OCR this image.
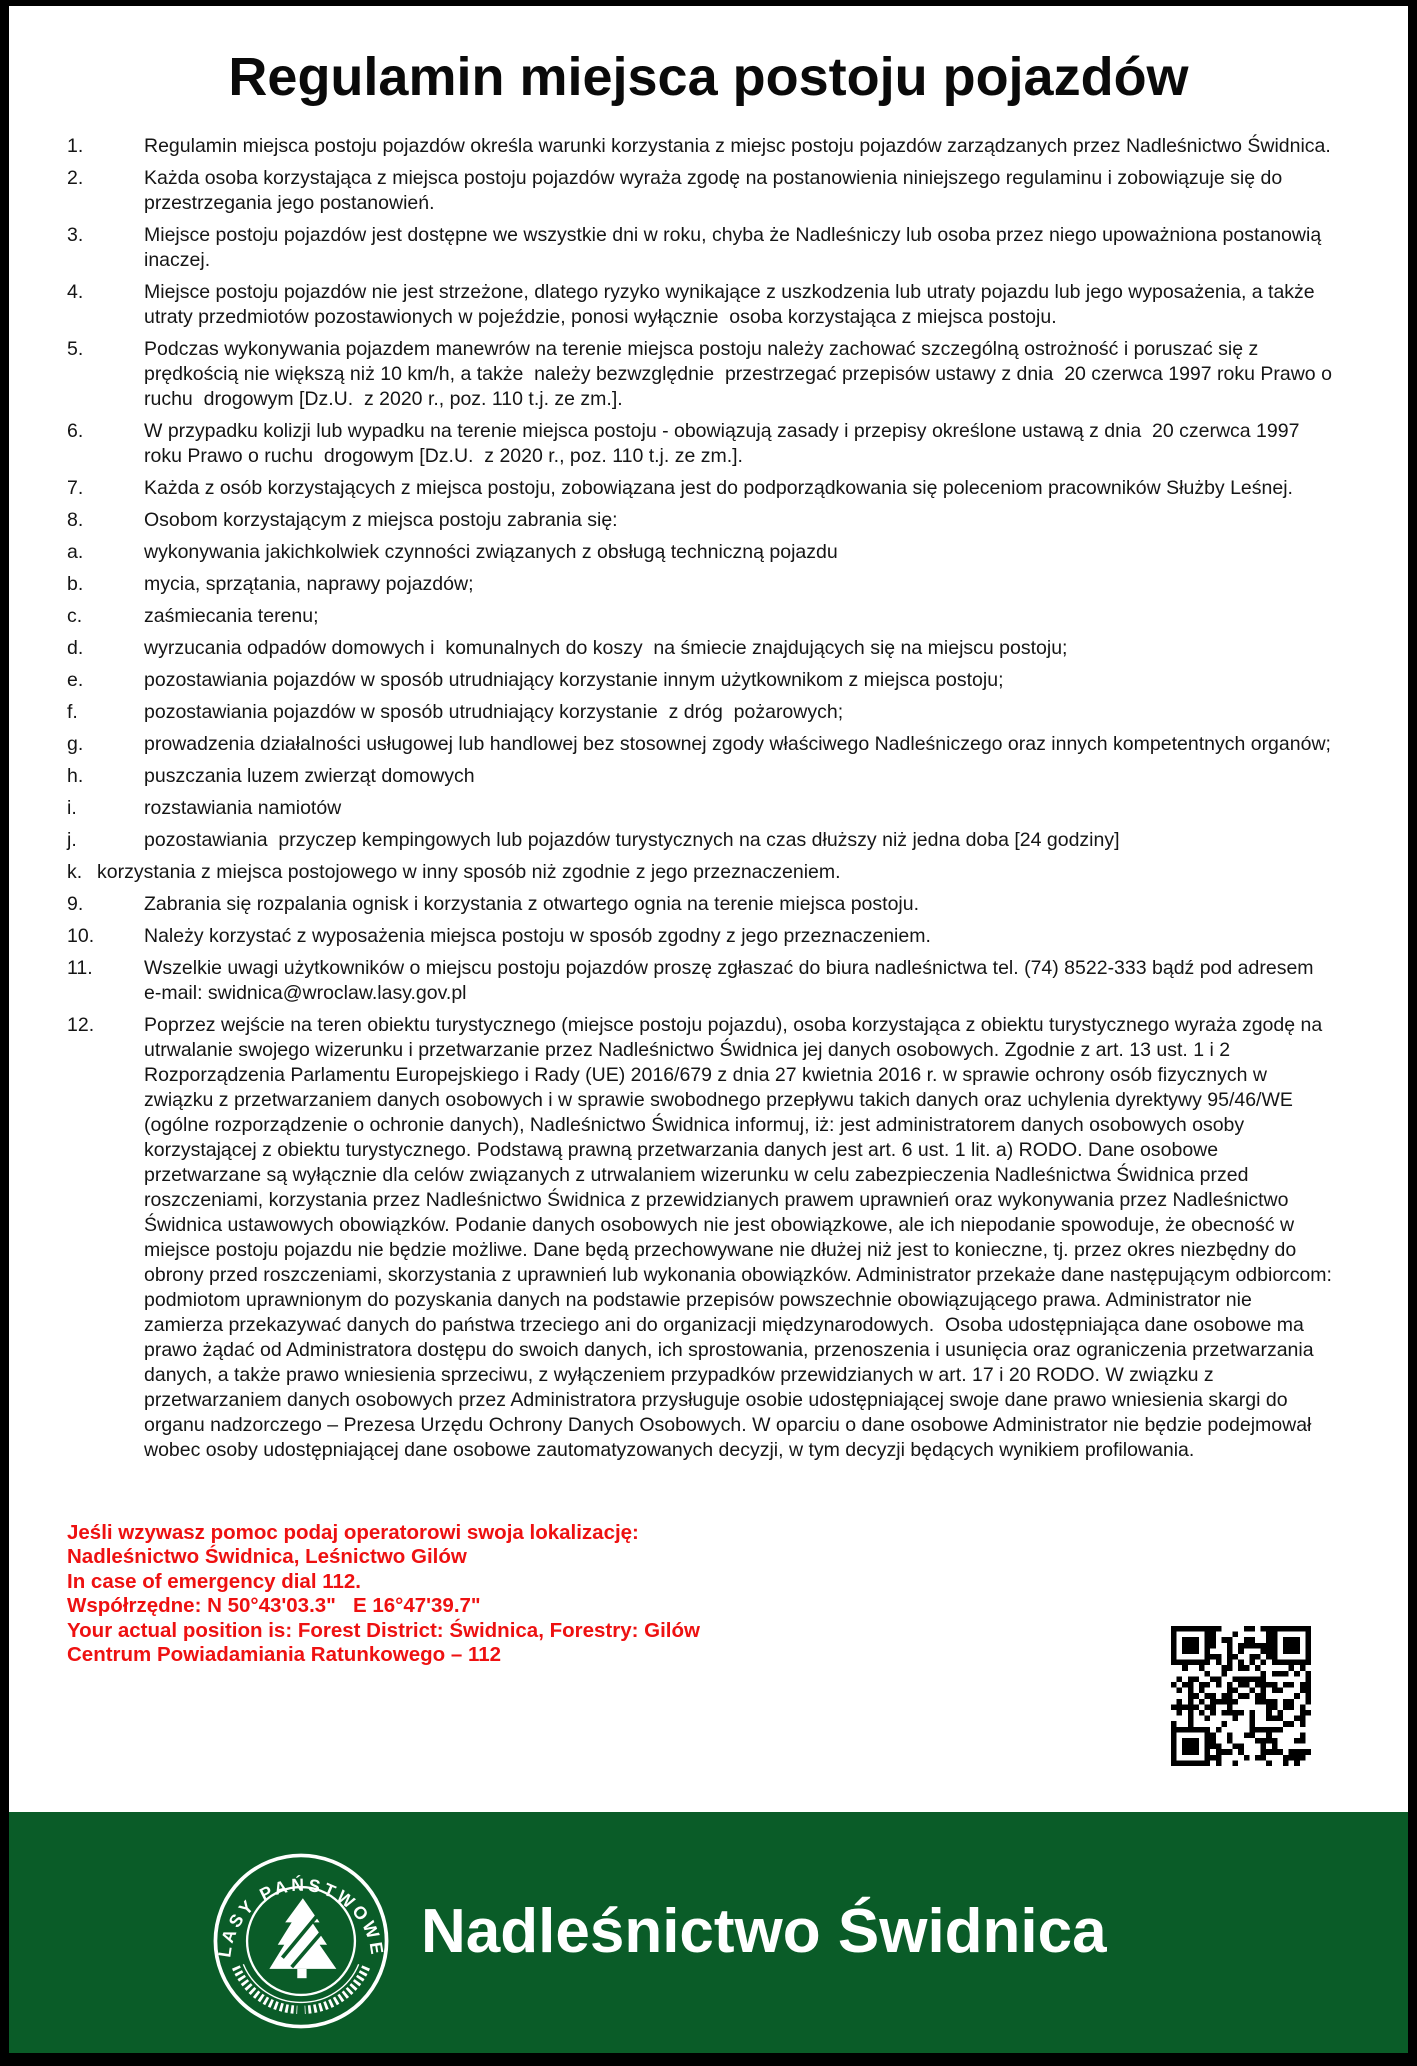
Regulamin miejsca postoju pojazdów
1.	Regulamin miejsca postoju pojazdów określa warunki korzystania z miejsc postoju pojazdów zarządzanych przez Nadleśnictwo Świdnica.
2.	Każda osoba korzystająca z miejsca postoju pojazdów wyraża zgodę na postanowienia niniejszego regulaminu i zobowiązuje się do przestrzegania jego postanowień.
3.	Miejsce postoju pojazdów jest dostępne we wszystkie dni w roku, chyba że Nadleśniczy lub osoba przez niego upoważniona postanowią inaczej.
4.	Miejsce postoju pojazdów nie jest strzeżone, dlatego ryzyko wynikające z uszkodzenia lub utraty pojazdu lub jego wyposażenia, a także utraty przedmiotów pozostawionych w pojeździe, ponosi wyłącznie  osoba korzystająca z miejsca postoju.
5.	Podczas wykonywania pojazdem manewrów na terenie miejsca postoju należy zachować szczególną ostrożność i poruszać się z prędkością nie większą niż 10 km/h, a także  należy bezwzględnie  przestrzegać przepisów ustawy z dnia  20 czerwca 1997 roku Prawo o ruchu  drogowym [Dz.U.  z 2020 r., poz. 110 t.j. ze zm.].
6.	W przypadku kolizji lub wypadku na terenie miejsca postoju - obowiązują zasady i przepisy określone ustawą z dnia  20 czerwca 1997 roku Prawo o ruchu  drogowym [Dz.U.  z 2020 r., poz. 110 t.j. ze zm.].
7.	Każda z osób korzystających z miejsca postoju, zobowiązana jest do podporządkowania się poleceniom pracowników Służby Leśnej.
8.	Osobom korzystającym z miejsca postoju zabrania się:
a.	wykonywania jakichkolwiek czynności związanych z obsługą techniczną pojazdu
b.	mycia, sprzątania, naprawy pojazdów;
c.	zaśmiecania terenu;
d.	wyrzucania odpadów domowych i  komunalnych do koszy  na śmiecie znajdujących się na miejscu postoju;
e.	pozostawiania pojazdów w sposób utrudniający korzystanie innym użytkownikom z miejsca postoju;
f.	pozostawiania pojazdów w sposób utrudniający korzystanie  z dróg  pożarowych;
g.	prowadzenia działalności usługowej lub handlowej bez stosownej zgody właściwego Nadleśniczego oraz innych kompetentnych organów;
h.	puszczania luzem zwierząt domowych
i.	rozstawiania namiotów
j.	pozostawiania  przyczep kempingowych lub pojazdów turystycznych na czas dłuższy niż jedna doba [24 godziny]
k. korzystania z miejsca postojowego w inny sposób niż zgodnie z jego przeznaczeniem.
9.	Zabrania się rozpalania ognisk i korzystania z otwartego ognia na terenie miejsca postoju.
10.	Należy korzystać z wyposażenia miejsca postoju w sposób zgodny z jego przeznaczeniem.
11.	Wszelkie uwagi użytkowników o miejscu postoju pojazdów proszę zgłaszać do biura nadleśnictwa tel. (74) 8522-333 bądź pod adresem e-mail: swidnica@wroclaw.lasy.gov.pl
12.	Poprzez wejście na teren obiektu turystycznego (miejsce postoju pojazdu), osoba korzystająca z obiektu turystycznego wyraża zgodę na utrwalanie swojego wizerunku i przetwarzanie przez Nadleśnictwo Świdnica jej danych osobowych. Zgodnie z art. 13 ust. 1 i 2 Rozporządzenia Parlamentu Europejskiego i Rady (UE) 2016/679 z dnia 27 kwietnia 2016 r. w sprawie ochrony osób fizycznych w związku z przetwarzaniem danych osobowych i w sprawie swobodnego przepływu takich danych oraz uchylenia dyrektywy 95/46/WE (ogólne rozporządzenie o ochronie danych), Nadleśnictwo Świdnica informuj, iż: jest administratorem danych osobowych osoby korzystającej z obiektu turystycznego. Podstawą prawną przetwarzania danych jest art. 6 ust. 1 lit. a) RODO. Dane osobowe przetwarzane są wyłącznie dla celów związanych z utrwalaniem wizerunku w celu zabezpieczenia Nadleśnictwa Świdnica przed roszczeniami, korzystania przez Nadleśnictwo Świdnica z przewidzianych prawem uprawnień oraz wykonywania przez Nadleśnictwo Świdnica ustawowych obowiązków. Podanie danych osobowych nie jest obowiązkowe, ale ich niepodanie spowoduje, że obecność w miejsce postoju pojazdu nie będzie możliwe. Dane będą przechowywane nie dłużej niż jest to konieczne, tj. przez okres niezbędny do obrony przed roszczeniami, skorzystania z uprawnień lub wykonania obowiązków. Administrator przekaże dane następującym odbiorcom: podmiotom uprawnionym do pozyskania danych na podstawie przepisów powszechnie obowiązującego prawa. Administrator nie zamierza przekazywać danych do państwa trzeciego ani do organizacji międzynarodowych.  Osoba udostępniająca dane osobowe ma prawo żądać od Administratora dostępu do swoich danych, ich sprostowania, przenoszenia i usunięcia oraz ograniczenia przetwarzania danych, a także prawo wniesienia sprzeciwu, z wyłączeniem przypadków przewidzianych w art. 17 i 20 RODO. W związku z przetwarzaniem danych osobowych przez Administratora przysługuje osobie udostępniającej swoje dane prawo wniesienia skargi do organu nadzorczego – Prezesa Urzędu Ochrony Danych Osobowych. W oparciu o dane osobowe Administrator nie będzie podejmował wobec osoby udostępniającej dane osobowe zautomatyzowanych decyzji, w tym decyzji będących wynikiem profilowania.
Jeśli wzywasz pomoc podaj operatorowi swoja lokalizację:
Nadleśnictwo Świdnica, Leśnictwo Gilów
In case of emergency dial 112.
Współrzędne: N 50°43'03.3"   E 16°47'39.7"
Your actual position is: Forest District: Świdnica, Forestry: Gilów
Centrum Powiadamiania Ratunkowego – 112
LASY PAŃSTWOWE Nadleśnictwo Świdnica
